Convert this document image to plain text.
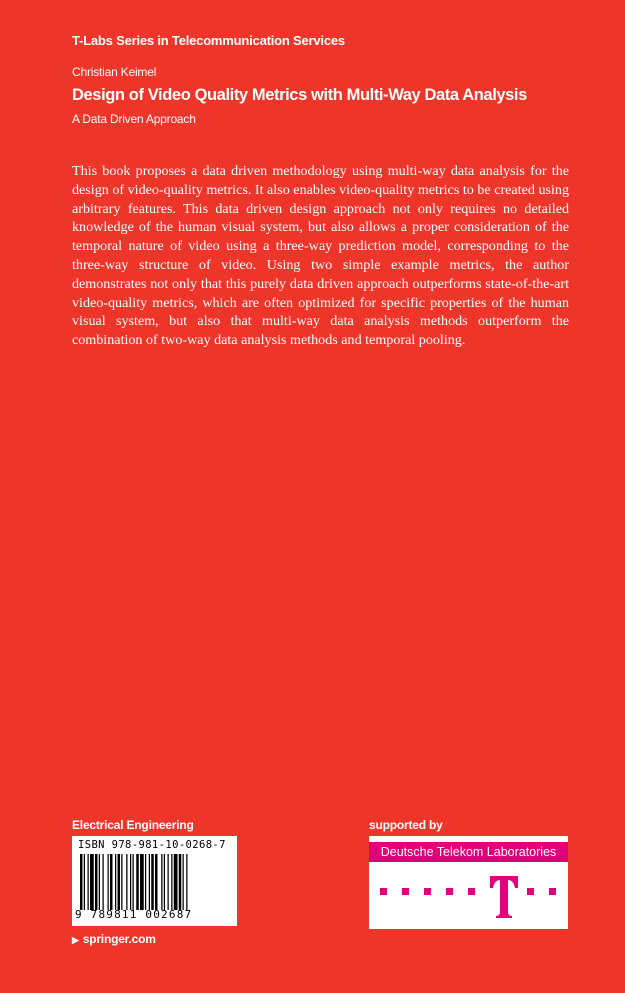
T-Labs Series in Telecommunication Services
Christian Keimel
Design of Video Quality Metrics with Multi-Way Data Analysis
A Data Driven Approach

This book proposes a data driven methodology using multi-way data analysis for the design of video-quality metrics. It also enables video-quality metrics to be created using arbitrary features. This data driven design approach not only requires no detailed knowledge of the human visual system, but also allows a proper consideration of the temporal nature of video using a three-way prediction model, corresponding to the three-way structure of video. Using two simple example metrics, the author demonstrates not only that this purely data driven approach outperforms state-of-the-art video-quality metrics, which are often optimized for specific properties of the human visual system, but also that multi-way data analysis methods outperform the combination of two-way data analysis methods and temporal pooling.

Electrical Engineering
ISBN 978-981-10-0268-7
9 789811 002687
▶ springer.com
supported by
Deutsche Telekom Laboratories
